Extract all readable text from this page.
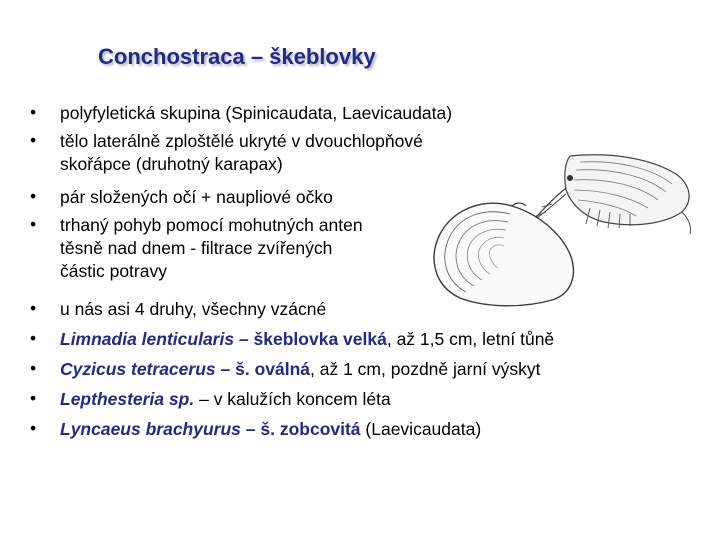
Conchostraca – škeblovky
•	polyfyletická skupina (Spinicaudata, Laevicaudata)
•	tělo laterálně zploštělé ukryté v dvouchlopňové
skořápce (druhotný karapax)
•	pár složených očí + naupliové očko
•	trhaný pohyb pomocí mohutných anten
těsně nad dnem - filtrace zvířených
částic potravy
•	u nás asi 4 druhy, všechny vzácné
•	Limnadia lenticularis – škeblovka velká, až 1,5 cm, letní tůně
•	Cyzicus tetracerus – š. oválná, až 1 cm, pozdně jarní výskyt
•	Lepthesteria sp. – v kalužích koncem léta
•	Lyncaeus brachyurus – š. zobcovitá (Laevicaudata)
